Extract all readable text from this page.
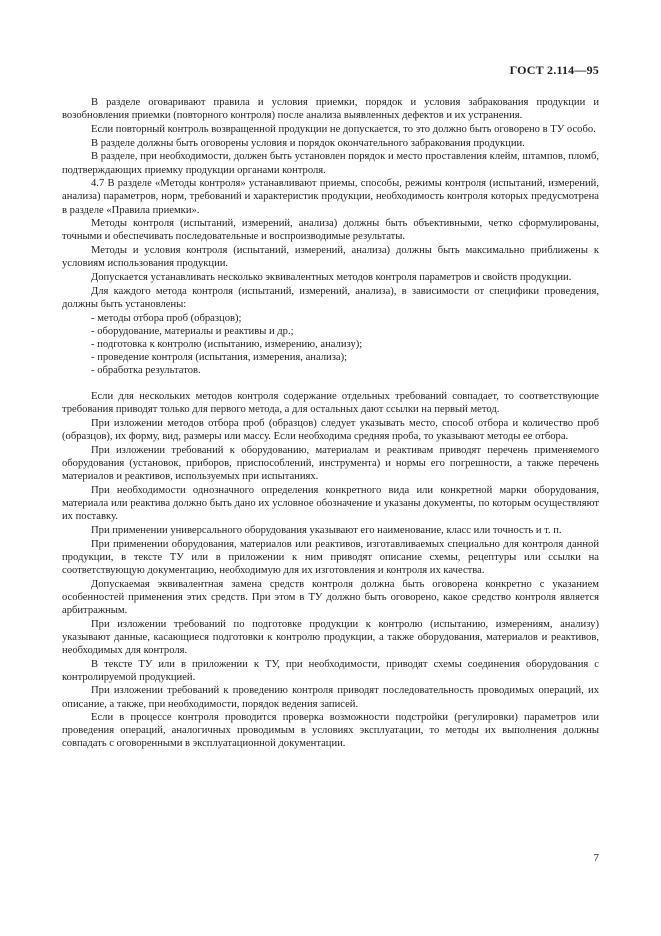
ГОСТ 2.114—95

В разделе оговаривают правила и условия приемки, порядок и условия забракования продукции и возобновления приемки (повторного контроля) после анализа выявленных дефектов и их устранения.

Если повторный контроль возвращенной продукции не допускается, то это должно быть оговорено в ТУ особо.

В разделе должны быть оговорены условия и порядок окончательного забракования продукции.

В разделе, при необходимости, должен быть установлен порядок и место проставления клейм, штампов, пломб, подтверждающих приемку продукции органами контроля.

4.7 В разделе «Методы контроля» устанавливают приемы, способы, режимы контроля (испытаний, измерений, анализа) параметров, норм, требований и характеристик продукции, необходимость контроля которых предусмотрена в разделе «Правила приемки».

Методы контроля (испытаний, измерений, анализа) должны быть объективными, четко сформулированы, точными и обеспечивать последовательные и воспроизводимые результаты.

Методы и условия контроля (испытаний, измерений, анализа) должны быть максимально приближены к условиям использования продукции.

Допускается устанавливать несколько эквивалентных методов контроля параметров и свойств продукции.

Для каждого метода контроля (испытаний, измерений, анализа), в зависимости от специфики проведения, должны быть установлены:

- методы отбора проб (образцов);
- оборудование, материалы и реактивы и др.;
- подготовка к контролю (испытанию, измерению, анализу);
- проведение контроля (испытания, измерения, анализа);
- обработка результатов.

Если для нескольких методов контроля содержание отдельных требований совпадает, то соответствующие требования приводят только для первого метода, а для остальных дают ссылки на первый метод.

При изложении методов отбора проб (образцов) следует указывать место, способ отбора и количество проб (образцов), их форму, вид, размеры или массу. Если необходима средняя проба, то указывают методы ее отбора.

При изложении требований к оборудованию, материалам и реактивам приводят перечень применяемого оборудования (установок, приборов, приспособлений, инструмента) и нормы его погрешности, а также перечень материалов и реактивов, используемых при испытаниях.

При необходимости однозначного определения конкретного вида или конкретной марки оборудования, материала или реактива должно быть дано их условное обозначение и указаны документы, по которым осуществляют их поставку.

При применении универсального оборудования указывают его наименование, класс или точность и т. п.

При применении оборудования, материалов или реактивов, изготавливаемых специально для контроля данной продукции, в тексте ТУ или в приложении к ним приводят описание схемы, рецептуры или ссылки на соответствующую документацию, необходимую для их изготовления и контроля их качества.

Допускаемая эквивалентная замена средств контроля должна быть оговорена конкретно с указанием особенностей применения этих средств. При этом в ТУ должно быть оговорено, какое средство контроля является арбитражным.

При изложении требований по подготовке продукции к контролю (испытанию, измерениям, анализу) указывают данные, касающиеся подготовки к контролю продукции, а также оборудования, материалов и реактивов, необходимых для контроля.

В тексте ТУ или в приложении к ТУ, при необходимости, приводят схемы соединения оборудования с контролируемой продукцией.

При изложении требований к проведению контроля приводят последовательность проводимых операций, их описание, а также, при необходимости, порядок ведения записей.

Если в процессе контроля проводится проверка возможности подстройки (регулировки) параметров или проведения операций, аналогичных проводимым в условиях эксплуатации, то методы их выполнения должны совпадать с оговоренными в эксплуатационной документации.

7
